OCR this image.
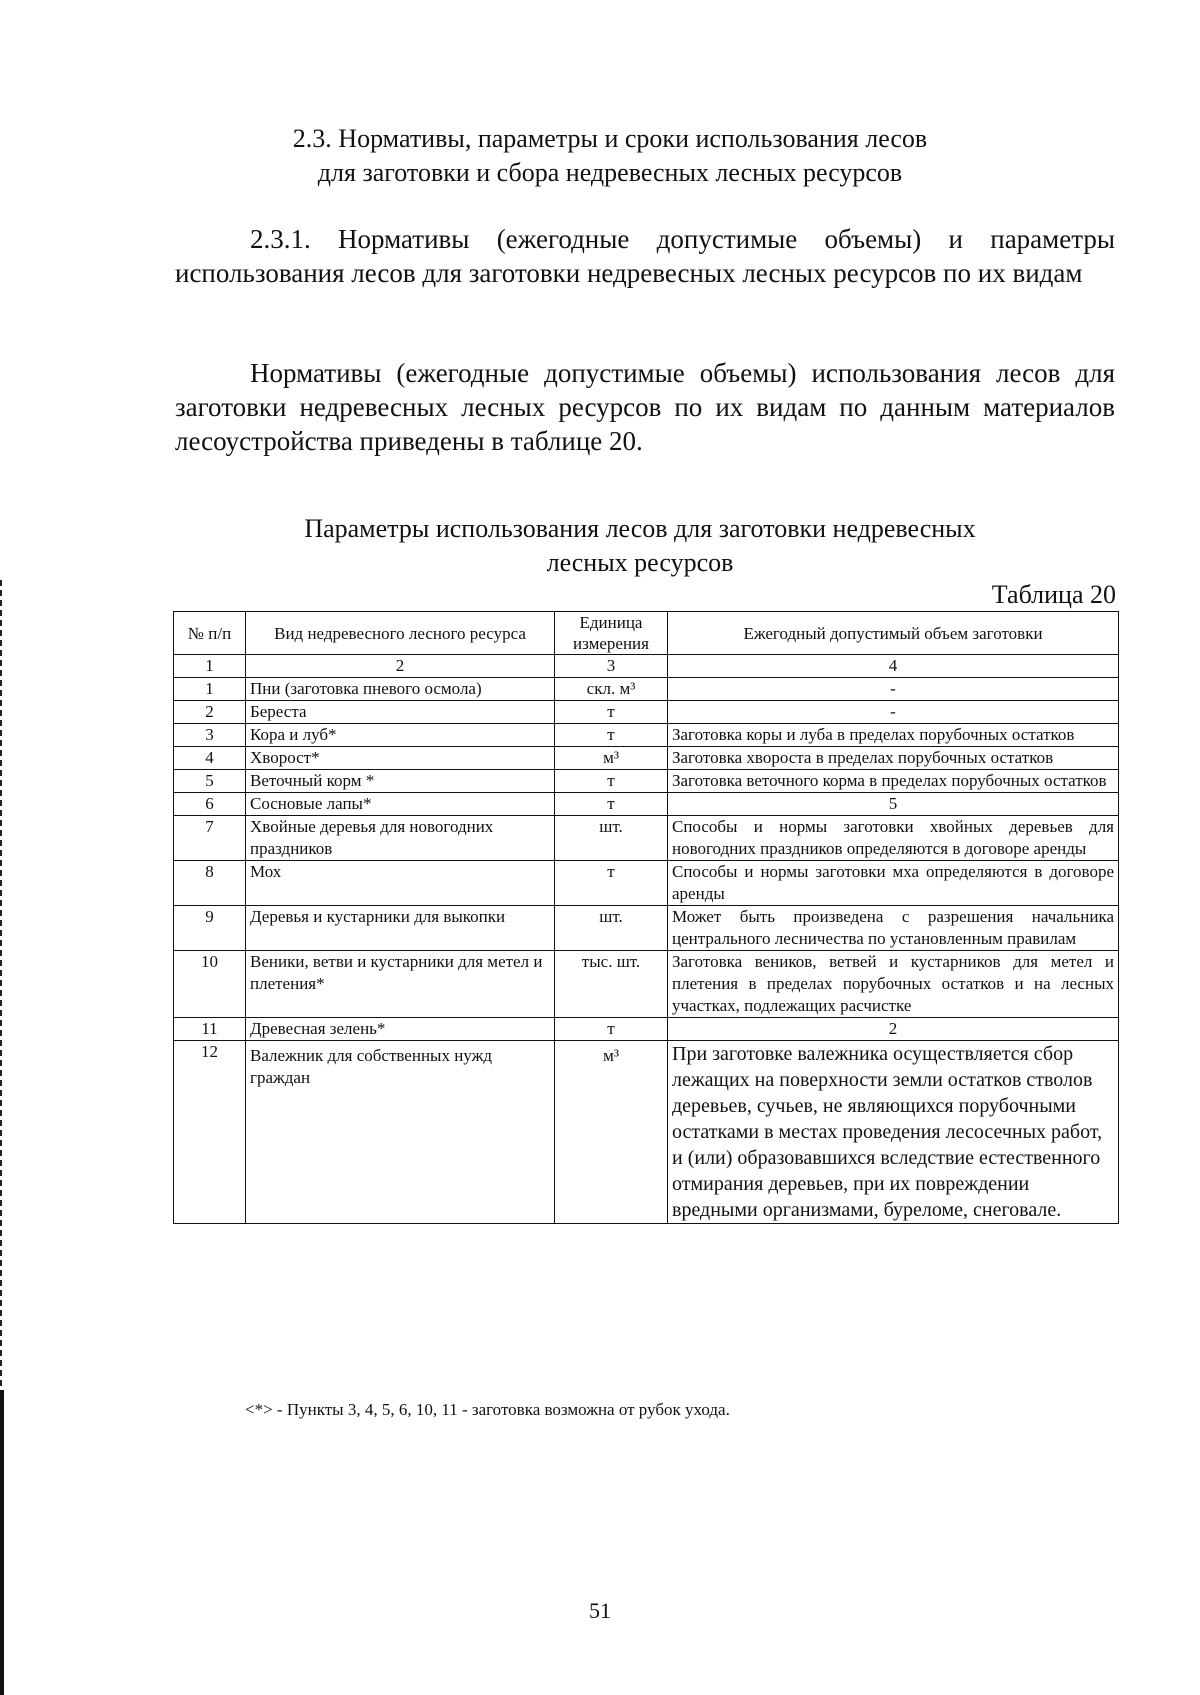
2.3. Нормативы, параметры и сроки использования лесов
для заготовки и сбора недревесных лесных ресурсов
2.3.1. Нормативы (ежегодные допустимые объемы) и параметры использования лесов для заготовки недревесных лесных ресурсов по их видам
Нормативы (ежегодные допустимые объемы) использования лесов для заготовки недревесных лесных ресурсов по их видам по данным материалов лесоустройства приведены в таблице 20.
Параметры использования лесов для заготовки недревесных
лесных ресурсов
Таблица 20
№ п/п	Вид недревесного лесного ресурса	Единица измерения	Ежегодный допустимый объем заготовки
1	2	3	4
1	Пни (заготовка пневого осмола)	скл. м³	-
2	Береста	т	-
3	Кора и луб*	т	Заготовка коры и луба в пределах порубочных остатков
4	Хворост*	м³	Заготовка хвороста в пределах порубочных остатков
5	Веточный корм *	т	Заготовка веточного корма в пределах порубочных остатков
6	Сосновые лапы*	т	5
7	Хвойные деревья для новогодних праздников	шт.	Способы и нормы заготовки хвойных деревьев для новогодних праздников определяются в договоре аренды
8	Мох	т	Способы и нормы заготовки мха определяются в договоре аренды
9	Деревья и кустарники для выкопки	шт.	Может быть произведена с разрешения начальника центрального лесничества по установленным правилам
10	Веники, ветви и кустарники для метел и плетения*	тыс. шт.	Заготовка веников, ветвей и кустарников для метел и плетения в пределах порубочных остатков и на лесных участках, подлежащих расчистке
11	Древесная зелень*	т	2
12	Валежник для собственных нужд граждан	м³	При заготовке валежника осуществляется сбор лежащих на поверхности земли остатков стволов деревьев, сучьев, не являющихся порубочными остатками в местах проведения лесосечных работ, и (или) образовавшихся вследствие естественного отмирания деревьев, при их повреждении вредными организмами, буреломе, снеговале.
<*> - Пункты 3, 4, 5, 6, 10, 11 - заготовка возможна от рубок ухода.
51
